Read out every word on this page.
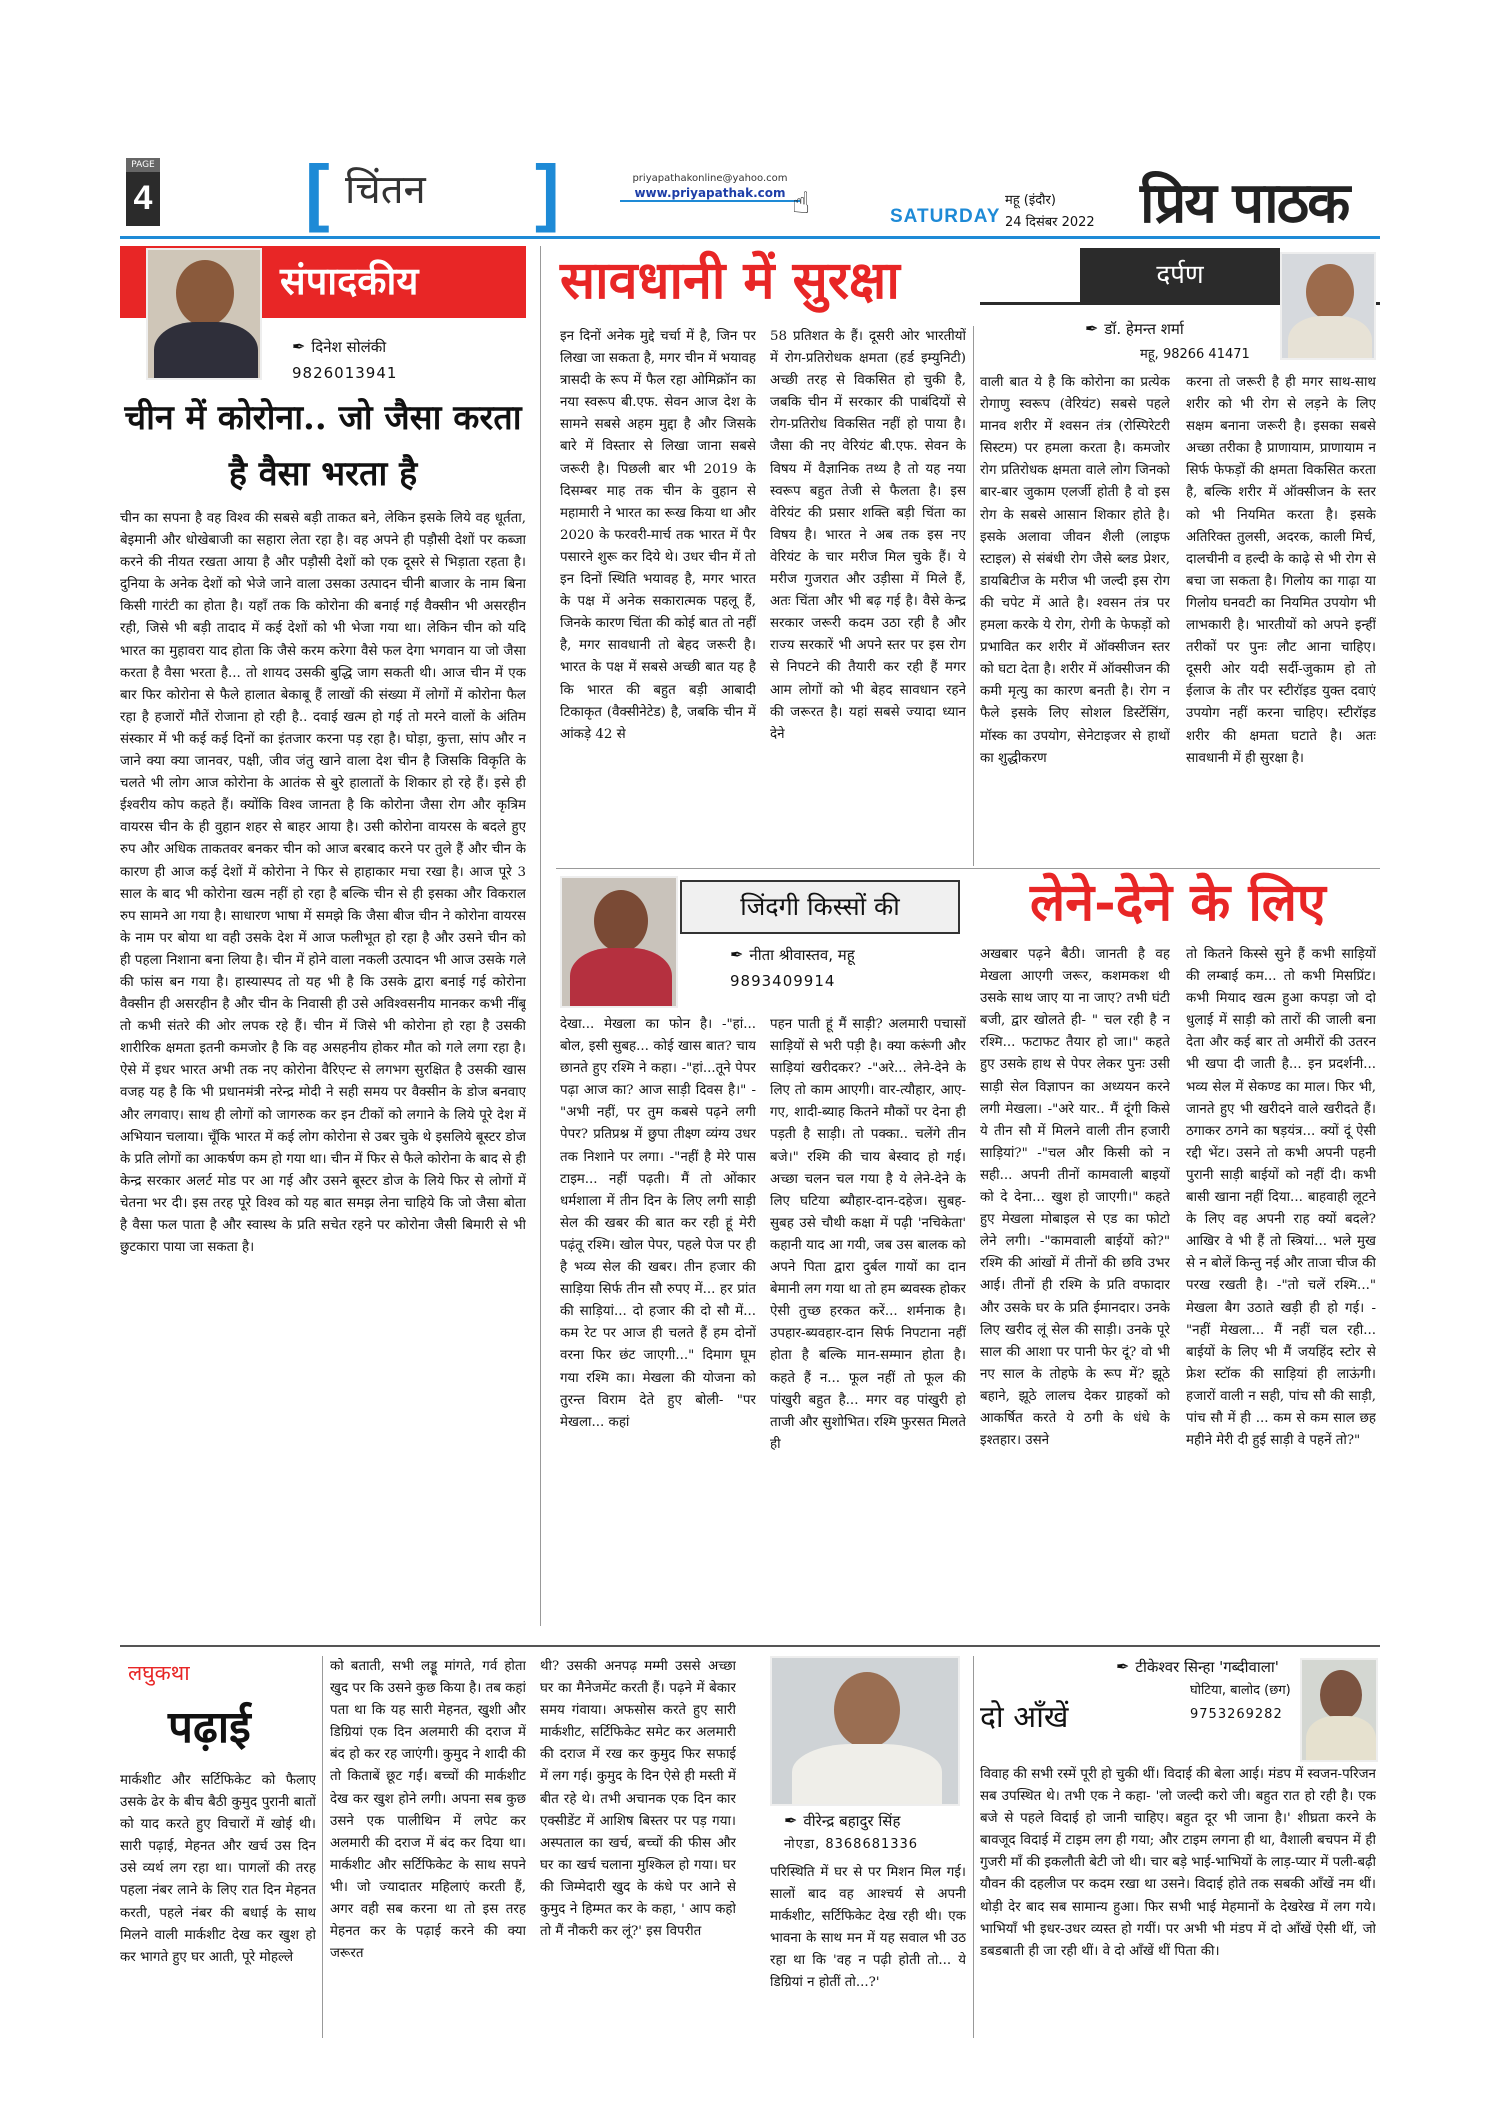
PAGE
4 [ चिंतन	]	priyapathakonline@yahoo.com
www.priyapathak.com ☝	SATURDAY
महू (इंदौर)
24 दिसंबर 2022 प्रिय पाठक
संपादकीय
✒ दिनेश सोलंकी
9826013941
चीन में कोरोना.. जो जैसा करता है वैसा भरता है
चीन का सपना है वह विश्व की सबसे बड़ी ताकत बने, लेकिन इसके लिये वह धूर्तता, बेइमानी और धोखेबाजी का सहारा लेता रहा है। वह अपने ही पड़ौसी देशों पर कब्जा करने की नीयत रखता आया है और पड़ौसी देशों को एक दूसरे से भिड़ाता रहता है। दुनिया के अनेक देशों को भेजे जाने वाला उसका उत्पादन चीनी बाजार के नाम बिना किसी गारंटी का होता है। यहाँ तक कि कोरोना की बनाई गई वैक्सीन भी असरहीन रही, जिसे भी बड़ी तादाद में कई देशों को भी भेजा गया था। लेकिन चीन को यदि भारत का मुहावरा याद होता कि जैसे करम करेगा वैसे फल देगा भगवान या जो जैसा करता है वैसा भरता है... तो शायद उसकी बुद्धि जाग सकती थी। आज चीन में एक बार फिर कोरोना से फैले हालात बेकाबू हैं लाखों की संख्या में लोगों में कोरोना फैल रहा है हजारों मौतें रोजाना हो रही है.. दवाई खत्म हो गई तो मरने वालों के अंतिम संस्कार में भी कई कई दिनों का इंतजार करना पड़ रहा है। घोड़ा, कुत्ता, सांप और न जाने क्या क्या जानवर, पक्षी, जीव जंतु खाने वाला देश चीन है जिसकि विकृति के चलते भी लोग आज कोरोना के आतंक से बुरे हालातों के शिकार हो रहे हैं। इसे ही ईश्वरीय कोप कहते हैं। क्योंकि विश्व जानता है कि कोरोना जैसा रोग और कृत्रिम वायरस चीन के ही वुहान शहर से बाहर आया है। उसी कोरोना वायरस के बदले हुए रुप और अधिक ताकतवर बनकर चीन को आज बरबाद करने पर तुले हैं और चीन के कारण ही आज कई देशों में कोरोना ने फिर से हाहाकार मचा रखा है। आज पूरे 3 साल के बाद भी कोरोना खत्म नहीं हो रहा है बल्कि चीन से ही इसका और विकराल रुप सामने आ गया है। साधारण भाषा में समझे कि जैसा बीज चीन ने कोरोना वायरस के नाम पर बोया था वही उसके देश में आज फलीभूत हो रहा है और उसने चीन को ही पहला निशाना बना लिया है। चीन में होने वाला नकली उत्पादन भी आज उसके गले की फांस बन गया है। हास्यास्पद तो यह भी है कि उसके द्वारा बनाई गई कोरोना वैक्सीन ही असरहीन है और चीन के निवासी ही उसे अविश्वसनीय मानकर कभी नींबू तो कभी संतरे की ओर लपक रहे हैं। चीन में जिसे भी कोरोना हो रहा है उसकी शारीरिक क्षमता इतनी कमजोर है कि वह असहनीय होकर मौत को गले लगा रहा है। ऐसे में इधर भारत अभी तक नए कोरोना वैरिएन्ट से लगभग सुरक्षित है उसकी खास वजह यह है कि भी प्रधानमंत्री नरेन्द्र मोदी ने सही समय पर वैक्सीन के डोज बनवाए और लगवाए। साथ ही लोगों को जागरुक कर इन टीकों को लगाने के लिये पूरे देश में अभियान चलाया। चूँकि भारत में कई लोग कोरोना से उबर चुके थे इसलिये बूस्टर डोज के प्रति लोगों का आकर्षण कम हो गया था। चीन में फिर से फैले कोरोना के बाद से ही केन्द्र सरकार अलर्ट मोड पर आ गई और उसने बूस्टर डोज के लिये फिर से लोगों में चेतना भर दी। इस तरह पूरे विश्व को यह बात समझ लेना चाहिये कि जो जैसा बोता है वैसा फल पाता है और स्वास्थ के प्रति सचेत रहने पर कोरोना जैसी बिमारी से भी छुटकारा पाया जा सकता है।
सावधानी में सुरक्षा
इन दिनों अनेक मुद्दे चर्चा में है, जिन पर लिखा जा सकता है, मगर चीन में भयावह त्रासदी के रूप में फैल रहा ओमिक्रॉन का नया स्वरूप बी.एफ. सेवन आज देश के सामने सबसे अहम मुद्दा है और जिसके बारे में विस्तार से लिखा जाना सबसे जरूरी है। पिछली बार भी 2019 के दिसम्बर माह तक चीन के वुहान से महामारी ने भारत का रूख किया था और 2020 के फरवरी-मार्च तक भारत में पैर पसारने शुरू कर दिये थे। उधर चीन में तो इन दिनों स्थिति भयावह है, मगर भारत के पक्ष में अनेक सकारात्मक पहलू हैं, जिनके कारण चिंता की कोई बात तो नहीं है, मगर सावधानी तो बेहद जरूरी है। भारत के पक्ष में सबसे अच्छी बात यह है कि भारत की बहुत बड़ी आबादी टिकाकृत (वैक्सीनेटेड) है, जबकि चीन में आंकड़े 42 से
58 प्रतिशत के हैं। दूसरी ओर भारतीयों में रोग-प्रतिरोधक क्षमता (हर्ड इम्युनिटी) अच्छी तरह से विकसित हो चुकी है, जबकि चीन में सरकार की पाबंदियों से रोग-प्रतिरोध विकसित नहीं हो पाया है। जैसा की नए वेरियंट बी.एफ. सेवन के विषय में वैज्ञानिक तथ्य है तो यह नया स्वरूप बहुत तेजी से फैलता है। इस वेरियंट की प्रसार शक्ति बड़ी चिंता का विषय है। भारत ने अब तक इस नए वेरियंट के चार मरीज मिल चुके हैं। ये मरीज गुजरात और उड़ीसा में मिले हैं, अतः चिंता और भी बढ़ गई है। वैसे केन्द्र सरकार जरूरी कदम उठा रही है और राज्य सरकारें भी अपने स्तर पर इस रोग से निपटने की तैयारी कर रही हैं मगर आम लोगों को भी बेहद सावधान रहने की जरूरत है। यहां सबसे ज्यादा ध्यान देने
दर्पण
✒ डॉ. हेमन्त शर्मा
महू, 98266 41471
वाली बात ये है कि कोरोना का प्रत्येक रोगाणु स्वरूप (वेरियंट) सबसे पहले मानव शरीर में श्वसन तंत्र (रोस्पिरेटरी सिस्टम) पर हमला करता है। कमजोर रोग प्रतिरोधक क्षमता वाले लोग जिनको बार-बार जुकाम एलर्जी होती है वो इस रोग के सबसे आसान शिकार होते है। इसके अलावा जीवन शैली (लाइफ स्टाइल) से संबंधी रोग जैसे ब्लड प्रेशर, डायबिटीज के मरीज भी जल्दी इस रोग की चपेट में आते है। श्वसन तंत्र पर हमला करके ये रोग, रोगी के फेफड़ों को प्रभावित कर शरीर में ऑक्सीजन स्तर को घटा देता है। शरीर में ऑक्सीजन की कमी मृत्यु का कारण बनती है। रोग न फैले इसके लिए सोशल डिस्टेंसिंग, मॉस्क का उपयोग, सेनेटाइजर से हाथों का शुद्धीकरण
करना तो जरूरी है ही मगर साथ-साथ शरीर को भी रोग से लड़ने के लिए सक्षम बनाना जरूरी है। इसका सबसे अच्छा तरीका है प्राणायाम, प्राणायाम न सिर्फ फेफड़ों की क्षमता विकसित करता है, बल्कि शरीर में ऑक्सीजन के स्तर को भी नियमित करता है। इसके अतिरिक्त तुलसी, अदरक, काली मिर्च, दालचीनी व हल्दी के काढ़े से भी रोग से बचा जा सकता है। गिलोय का गाढ़ा या गिलोय घनवटी का नियमित उपयोग भी लाभकारी है। भारतीयों को अपने इन्हीं तरीकों पर पुनः लौट आना चाहिए। दूसरी ओर यदी सर्दी-जुकाम हो तो ईलाज के तौर पर स्टीरॉइड युक्त दवाएं उपयोग नहीं करना चाहिए। स्टीरॉइड शरीर की क्षमता घटाते है। अतः सावधानी में ही सुरक्षा है।
जिंदगी किस्सों की
✒ नीता श्रीवास्तव, महू
9893409914
लेने-देने के लिए
देखा... मेखला का फोन है। -"हां... बोल, इसी सुबह... कोई खास बात? चाय छानते हुए रश्मि ने कहा। -"हां...तूने पेपर पढ़ा आज का? आज साड़ी दिवस है।" -"अभी नहीं, पर तुम कबसे पढ़ने लगी पेपर? प्रतिप्रश्न में छुपा तीक्ष्ण व्यंग्य उधर तक निशाने पर लगा। -"नहीं है मेरे पास टाइम... नहीं पढ़ती। मैं तो ओंकार धर्मशाला में तीन दिन के लिए लगी साड़ी सेल की खबर की बात कर रही हूं मेरी पढ़ंतू रश्मि। खोल पेपर, पहले पेज पर ही है भव्य सेल की खबर। तीन हजार की साड़िया सिर्फ तीन सौ रुपए में... हर प्रांत की साड़ियां... दो हजार की दो सौ में... कम रेट पर आज ही चलते हैं हम दोनों वरना फिर छंट जाएगी..." दिमाग घूम गया रश्मि का। मेखला की योजना को तुरन्त विराम देते हुए बोली- "पर मेखला... कहां
पहन पाती हूं मैं साड़ी? अलमारी पचासों साड़ियों से भरी पड़ी है। क्या करूंगी और साड़ियां खरीदकर? -"अरे... लेने-देने के लिए तो काम आएगी। वार-त्यौहार, आए-गए, शादी-ब्याह कितने मौकों पर देना ही पड़ती है साड़ी। तो पक्का.. चलेंगे तीन बजे।" रश्मि की चाय बेस्वाद हो गई। अच्छा चलन चल गया है ये लेने-देने के लिए घटिया ब्यौहार-दान-दहेज। सुबह-सुबह उसे चौथी कक्षा में पढ़ी 'नचिकेता' कहानी याद आ गयी, जब उस बालक को अपने पिता द्वारा दुर्बल गायों का दान बेमानी लग गया था तो हम ब्यवस्क होकर ऐसी तुच्छ हरकत करें... शर्मनाक है। उपहार-ब्यवहार-दान सिर्फ निपटाना नहीं होता है बल्कि मान-सम्मान होता है। कहते हैं न... फूल नहीं तो फूल की पांखुरी बहुत है... मगर वह पांखुरी हो ताजी और सुशोभित। रश्मि फुरसत मिलते ही
अखबार पढ़ने बैठी। जानती है वह मेखला आएगी जरूर, कशमकश थी उसके साथ जाए या ना जाए? तभी घंटी बजी, द्वार खोलते ही- " चल रही है न रश्मि... फटाफट तैयार हो जा।" कहते हुए उसके हाथ से पेपर लेकर पुनः उसी साड़ी सेल विज्ञापन का अध्ययन करने लगी मेखला। -"अरे यार.. मैं दूंगी किसे ये तीन सौ में मिलने वाली तीन हजारी साड़ियां?" -"चल और किसी को न सही... अपनी तीनों कामवाली बाइयों को दे देना... खुश हो जाएगी।" कहते हुए मेखला मोबाइल से एड का फोटो लेने लगी। -"कामवाली बाईयों को?" रश्मि की आंखों में तीनों की छवि उभर आई। तीनों ही रश्मि के प्रति वफादार और उसके घर के प्रति ईमानदार। उनके लिए खरीद लूं सेल की साड़ी। उनके पूरे साल की आशा पर पानी फेर दूं? वो भी नए साल के तोहफे के रूप में? झूठे बहाने, झूठे लालच देकर ग्राहकों को आकर्षित करते ये ठगी के धंधे के इश्तहार। उसने
तो कितने किस्से सुने हैं कभी साड़ियों की लम्बाई कम... तो कभी मिसप्रिंट। कभी मियाद खत्म हुआ कपड़ा जो दो धुलाई में साड़ी को तारों की जाली बना देता और कई बार तो अमीरों की उतरन भी खपा दी जाती है... इन प्रदर्शनी... भव्य सेल में सेकण्ड का माल। फिर भी, जानते हुए भी खरीदने वाले खरीदते हैं। ठगाकर ठगने का षड़यंत्र... क्यों दूं ऐसी रद्दी भेंट। उसने तो कभी अपनी पहनी पुरानी साड़ी बाईयों को नहीं दी। कभी बासी खाना नहीं दिया... बाहवाही लूटने के लिए वह अपनी राह क्यों बदले? आखिर वे भी हैं तो स्त्रियां... भले मुख से न बोलें किन्तु नई और ताजा चीज की परख रखती है। -"तो चलें रश्मि..." मेखला बैग उठाते खड़ी ही हो गई। -"नहीं मेखला... मैं नहीं चल रही... बाईयों के लिए भी मैं जयहिंद स्टोर से फ्रेश स्टॉक की साड़ियां ही लाऊंगी। हजारों वाली न सही, पांच सौ की साड़ी, पांच सौ में ही ... कम से कम साल छह महीने मेरी दी हुई साड़ी वे पहनें तो?"
लघुकथा
पढ़ाई
मार्कशीट और सर्टिफिकेट को फैलाए उसके ढेर के बीच बैठी कुमुद पुरानी बातों को याद करते हुए विचारों में खोई थी। सारी पढ़ाई, मेहनत और खर्च उस दिन उसे व्यर्थ लग रहा था। पागलों की तरह पहला नंबर लाने के लिए रात दिन मेहनत करती, पहले नंबर की बधाई के साथ मिलने वाली मार्कशीट देख कर खुश हो कर भागते हुए घर आती, पूरे मोहल्ले
को बताती, सभी लड्डू मांगते, गर्व होता खुद पर कि उसने कुछ किया है। तब कहां पता था कि यह सारी मेहनत, खुशी और डिग्रियां एक दिन अलमारी की दराज में बंद हो कर रह जाएंगी। कुमुद ने शादी की तो किताबें छूट गईं। बच्चों की मार्कशीट देख कर खुश होने लगी। अपना सब कुछ उसने एक पालीथिन में लपेट कर अलमारी की दराज में बंद कर दिया था। मार्कशीट और सर्टिफिकेट के साथ सपने भी। जो ज्यादातर महिलाएं करती हैं, अगर वही सब करना था तो इस तरह मेहनत कर के पढ़ाई करने की क्या जरूरत
थी? उसकी अनपढ़ मम्मी उससे अच्छा घर का मैनेजमेंट करती हैं। पढ़ने में बेकार समय गंवाया। अफसोस करते हुए सारी मार्कशीट, सर्टिफिकेट समेट कर अलमारी की दराज में रख कर कुमुद फिर सफाई में लग गई। कुमुद के दिन ऐसे ही मस्ती में बीत रहे थे। तभी अचानक एक दिन कार एक्सीडेंट में आशिष बिस्तर पर पड़ गया। अस्पताल का खर्च, बच्चों की फीस और घर का खर्च चलाना मुश्किल हो गया। घर की जिम्मेदारी खुद के कंधे पर आने से कुमुद ने हिम्मत कर के कहा, ' आप कहो तो मैं नौकरी कर लूं?' इस विपरीत
✒ वीरेन्द्र बहादुर सिंह
नोएडा, 8368681336
परिस्थिति में घर से पर मिशन मिल गई। सालों बाद वह आश्चर्य से अपनी मार्कशीट, सर्टिफिकेट देख रही थी। एक भावना के साथ मन में यह सवाल भी उठ रहा था कि 'वह न पढ़ी होती तो... ये डिग्रियां न होतीं तो...?'
✒ टीकेश्वर सिन्हा 'गब्दीवाला'
घोटिया, बालोद (छग)
9753269282
दो आँखें
विवाह की सभी रस्में पूरी हो चुकी थीं। विदाई की बेला आई। मंडप में स्वजन-परिजन सब उपस्थित थे। तभी एक ने कहा- 'लो जल्दी करो जी। बहुत रात हो रही है। एक बजे से पहले विदाई हो जानी चाहिए। बहुत दूर भी जाना है।' शीघ्रता करने के बावजूद विदाई में टाइम लग ही गया; और टाइम लगना ही था, वैशाली बचपन में ही गुजरी माँ की इकलौती बेटी जो थी। चार बड़े भाई-भाभियों के लाड़-प्यार में पली-बढ़ी यौवन की दहलीज पर कदम रखा था उसने। विदाई होते तक सबकी आँखें नम थीं। थोड़ी देर बाद सब सामान्य हुआ। फिर सभी भाई मेहमानों के देखरेख में लग गये। भाभियाँ भी इधर-उधर व्यस्त हो गयीं। पर अभी भी मंडप में दो आँखें ऐसी थीं, जो डबडबाती ही जा रही थीं। वे दो आँखें थीं पिता की।
